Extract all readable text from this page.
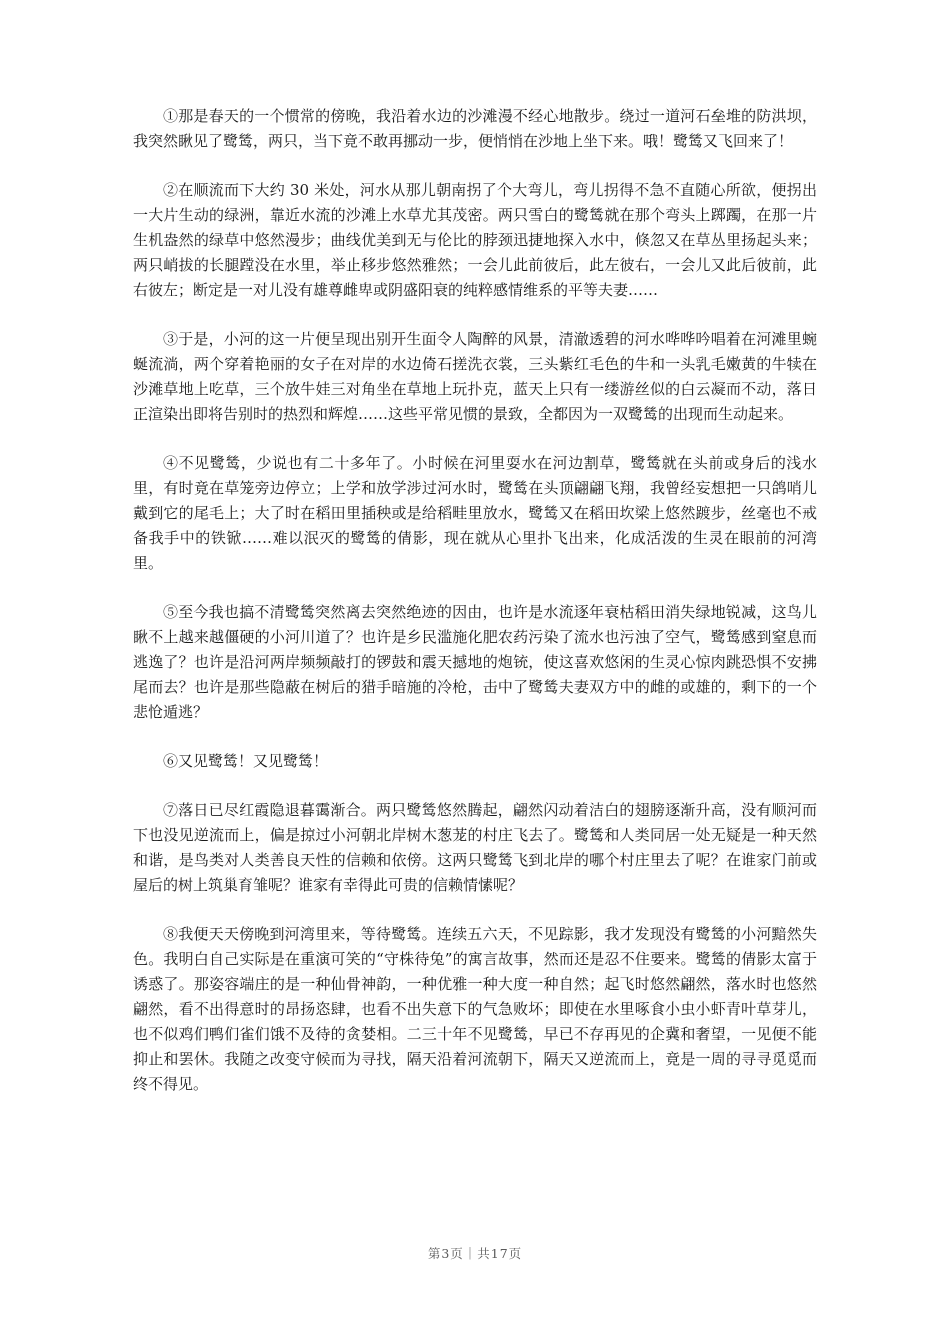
①那是春天的一个惯常的傍晚，我沿着水边的沙滩漫不经心地散步。绕过一道河石垒堆的防洪坝，我突然瞅见了鹭鸶，两只，当下竟不敢再挪动一步，便悄悄在沙地上坐下来。哦！鹭鸶又飞回来了！

②在顺流而下大约 30 米处，河水从那儿朝南拐了个大弯儿，弯儿拐得不急不直随心所欲，便拐出一大片生动的绿洲，靠近水流的沙滩上水草尤其茂密。两只雪白的鹭鸶就在那个弯头上踯躅，在那一片生机盎然的绿草中悠然漫步；曲线优美到无与伦比的脖颈迅捷地探入水中，倏忽又在草丛里扬起头来；两只峭拔的长腿蹚没在水里，举止移步悠然雅然；一会儿此前彼后，此左彼右，一会儿又此后彼前，此右彼左；断定是一对儿没有雄尊雌卑或阴盛阳衰的纯粹感情维系的平等夫妻……

③于是，小河的这一片便呈现出别开生面令人陶醉的风景，清澈透碧的河水哗哗吟唱着在河滩里蜿蜒流淌，两个穿着艳丽的女子在对岸的水边倚石搓洗衣裳，三头紫红毛色的牛和一头乳毛嫩黄的牛犊在沙滩草地上吃草，三个放牛娃三对角坐在草地上玩扑克，蓝天上只有一缕游丝似的白云凝而不动，落日正渲染出即将告别时的热烈和辉煌……这些平常见惯的景致，全都因为一双鹭鸶的出现而生动起来。

④不见鹭鸶，少说也有二十多年了。小时候在河里耍水在河边割草，鹭鸶就在头前或身后的浅水里，有时竟在草笼旁边停立；上学和放学涉过河水时，鹭鸶在头顶翩翩飞翔，我曾经妄想把一只鸽哨儿戴到它的尾毛上；大了时在稻田里插秧或是给稻畦里放水，鹭鸶又在稻田坎梁上悠然踱步，丝毫也不戒备我手中的铁锨……难以泯灭的鹭鸶的倩影，现在就从心里扑飞出来，化成活泼的生灵在眼前的河湾里。

⑤至今我也搞不清鹭鸶突然离去突然绝迹的因由，也许是水流逐年衰枯稻田消失绿地锐减，这鸟儿瞅不上越来越僵硬的小河川道了？也许是乡民滥施化肥农药污染了流水也污浊了空气，鹭鸶感到窒息而逃逸了？也许是沿河两岸频频敲打的锣鼓和震天撼地的炮铳，使这喜欢悠闲的生灵心惊肉跳恐惧不安拂尾而去？也许是那些隐蔽在树后的猎手暗施的冷枪，击中了鹭鸶夫妻双方中的雌的或雄的，剩下的一个悲怆遁逃？

⑥又见鹭鸶！又见鹭鸶！

⑦落日已尽红霞隐退暮霭渐合。两只鹭鸶悠然腾起，翩然闪动着洁白的翅膀逐渐升高，没有顺河而下也没见逆流而上，偏是掠过小河朝北岸树木葱茏的村庄飞去了。鹭鸶和人类同居一处无疑是一种天然和谐，是鸟类对人类善良天性的信赖和依傍。这两只鹭鸶飞到北岸的哪个村庄里去了呢？在谁家门前或屋后的树上筑巢育雏呢？谁家有幸得此可贵的信赖情愫呢？

⑧我便天天傍晚到河湾里来，等待鹭鸶。连续五六天，不见踪影，我才发现没有鹭鸶的小河黯然失色。我明白自己实际是在重演可笑的“守株待兔”的寓言故事，然而还是忍不住要来。鹭鸶的倩影太富于诱惑了。那姿容端庄的是一种仙骨神韵，一种优雅一种大度一种自然；起飞时悠然翩然，落水时也悠然翩然，看不出得意时的昂扬恣肆，也看不出失意下的气急败坏；即使在水里啄食小虫小虾青叶草芽儿，也不似鸡们鸭们雀们饿不及待的贪婪相。二三十年不见鹭鸶，早已不存再见的企冀和奢望，一见便不能抑止和罢休。我随之改变守候而为寻找，隔天沿着河流朝下，隔天又逆流而上，竟是一周的寻寻觅觅而终不得见。

第3页｜共17页
